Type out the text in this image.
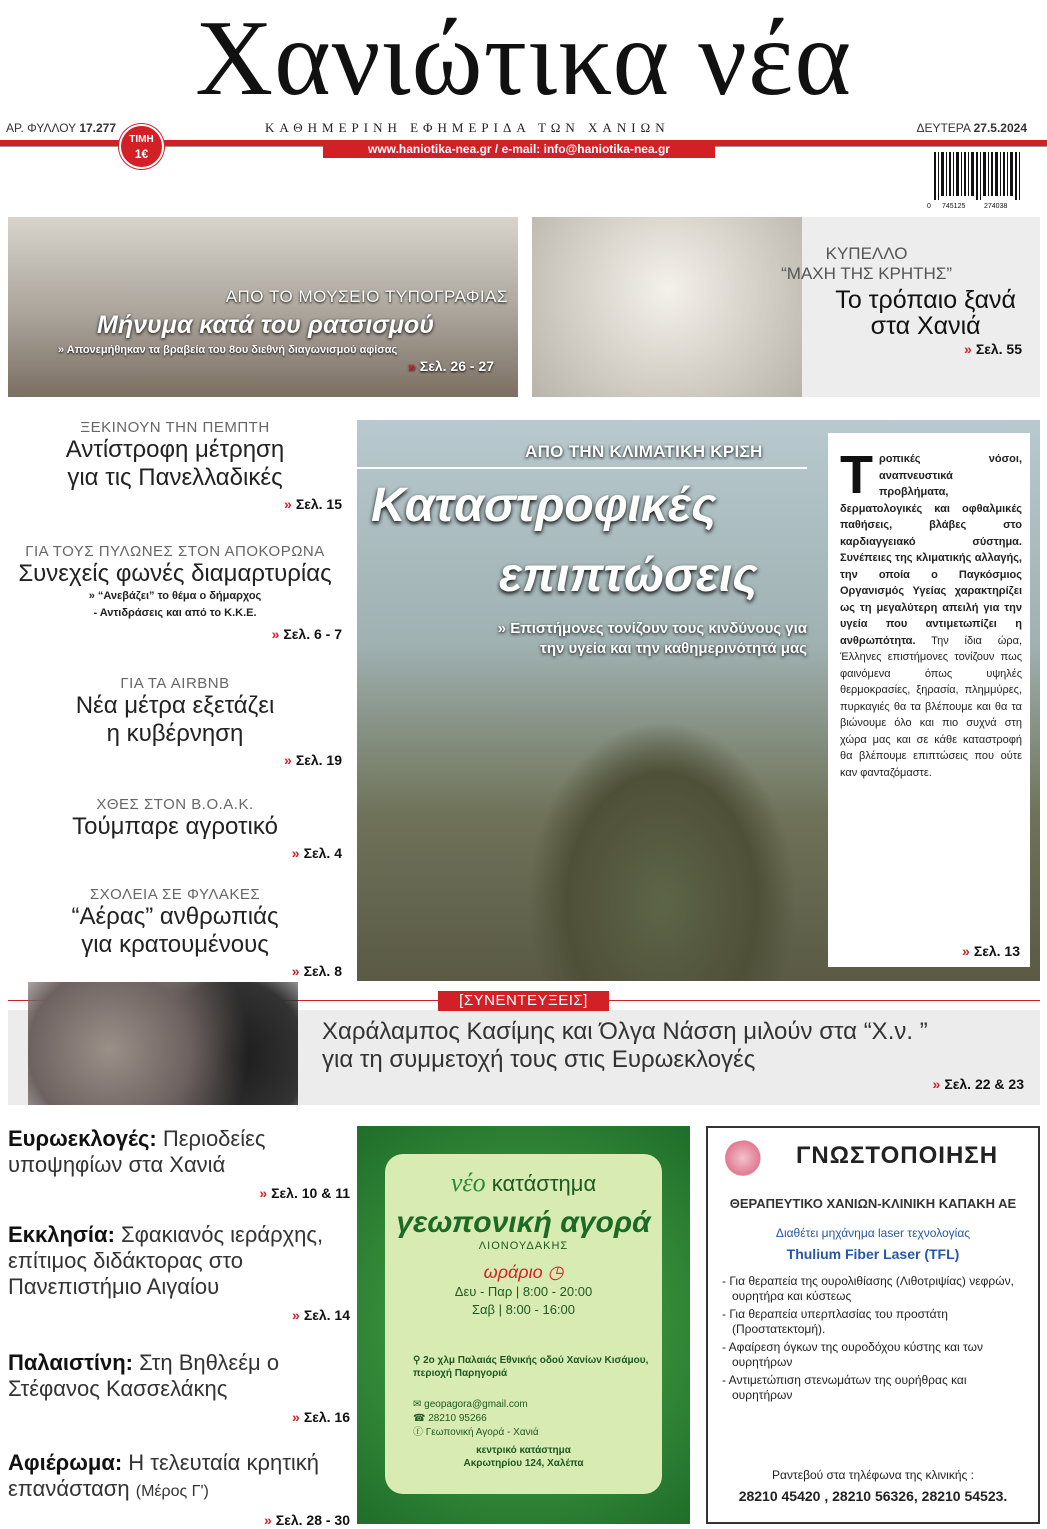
Χανιώτικα νέα
ΑΡ. ΦΥΛΛΟΥ 17.277	ΚΑΘΗΜΕΡΙΝΗ ΕΦΗΜΕΡΙΔΑ ΤΩΝ ΧΑΝΙΩΝ	ΔΕΥΤΕΡΑ 27.5.2024
www.haniotika-nea.gr / e-mail: info@haniotika-nea.gr
ΤΙΜΗ
1€
0 745125	274038
ΑΠΟ ΤΟ ΜΟΥΣΕΙΟ ΤΥΠΟΓΡΑΦΙΑΣ
Μήνυμα κατά του ρατσισμού
» Απονεμήθηκαν τα βραβεία του 8ου διεθνή διαγωνισμού αφίσας
» Σελ. 26 - 27
ΚΥΠΕΛΛΟ
“ΜΑΧΗ ΤΗΣ ΚΡΗΤΗΣ”
Το τρόπαιο ξανά
στα Χανιά
» Σελ. 55
ΞΕΚΙΝΟΥΝ ΤΗΝ ΠΕΜΠΤΗ
Αντίστροφη μέτρηση
για τις Πανελλαδικές
» Σελ. 15
ΓΙΑ ΤΟΥΣ ΠΥΛΩΝΕΣ ΣΤΟΝ ΑΠΟΚΟΡΩΝΑ
Συνεχείς φωνές διαμαρτυρίας
» “Ανεβάζει” το θέμα ο δήμαρχος
- Αντιδράσεις και από το Κ.Κ.Ε.
» Σελ. 6 - 7
ΓΙΑ ΤΑ AIRBNB
Νέα μέτρα εξετάζει
η κυβέρνηση
» Σελ. 19
ΧΘΕΣ ΣΤΟΝ Β.Ο.Α.Κ.
Τούμπαρε αγροτικό
» Σελ. 4
ΣΧΟΛΕΙΑ ΣΕ ΦΥΛΑΚΕΣ
“Αέρας” ανθρωπιάς
για κρατουμένους
» Σελ. 8
ΑΠΟ ΤΗΝ ΚΛΙΜΑΤΙΚΗ ΚΡΙΣΗ
Καταστροφικές
επιπτώσεις
» Επιστήμονες τονίζουν τους κινδύνους για την υγεία και την καθημερινότητά μας
Τ ροπικές νόσοι, αναπνευστικά προβλήματα, δερματολογικές και οφθαλμικές παθήσεις, βλάβες στο καρδιαγγειακό σύστημα. Συνέπειες της κλιματικής αλλαγής, την οποία ο Παγκόσμιος Οργανισμός Υγείας χαρακτηρίζει ως τη μεγαλύτερη απειλή για την υγεία που αντιμετωπίζει η ανθρωπότητα. Την ίδια ώρα, Έλληνες επιστήμονες τονίζουν πως φαινόμενα όπως υψηλές θερμοκρασίες, ξηρασία, πλημμύρες, πυρκαγιές θα τα βλέπουμε και θα τα βιώνουμε όλο και πιο συχνά στη χώρα μας και σε κάθε καταστροφή θα βλέπουμε επιπτώσεις που ούτε καν φανταζόμαστε.
» Σελ. 13
Χαράλαμπος Κασίμης και Όλγα Νάσση μιλούν στα “Χ.ν. ”
για τη συμμετοχή τους στις Ευρωεκλογές
» Σελ. 22 & 23
[ΣΥΝΕΝΤΕΥΞΕΙΣ]
Ευρωεκλογές: Περιοδείες υποψηφίων στα Χανιά
» Σελ. 10 & 11
Εκκλησία: Σφακιανός ιεράρχης, επίτιμος διδάκτορας στο Πανεπιστήμιο Αιγαίου
» Σελ. 14
Παλαιστίνη: Στη Βηθλεέμ ο Στέφανος Κασσελάκης
» Σελ. 16
Αφιέρωμα: Η τελευταία κρητική επανάσταση (Μέρος Γ')
» Σελ. 28 - 30
νέο κατάστημα
γεωπονική αγορά
ΛΙΟΝΟΥΔΑΚΗΣ
ωράριο ◷
Δευ - Παρ | 8:00 - 20:00
Σαβ | 8:00 - 16:00
⚲ 2ο χλμ Παλαιάς Εθνικής οδού Χανίων Κισάμου, περιοχή Παρηγοριά
✉ geopagora@gmail.com
☎ 28210 95266
ⓕ Γεωπονική Αγορά - Χανιά
κεντρικό κατάστημα
Ακρωτηρίου 124, Χαλέπα
ΓΝΩΣΤΟΠΟΙΗΣΗ
ΘΕΡΑΠΕΥΤΙΚΟ ΧΑΝΙΩΝ-ΚΛΙΝΙΚΗ ΚΑΠΑΚΗ ΑΕ
Διαθέτει μηχάνημα laser τεχνολογίας
Thulium Fiber Laser (TFL)
- Για θεραπεία της ουρολιθίασης (Λιθοτριψίας) νεφρών, ουρητήρα και κύστεως
- Για θεραπεία υπερπλασίας του προστάτη (Προστατεκτομή).
- Αφαίρεση όγκων της ουροδόχου κύστης και των ουρητήρων
- Αντιμετώπιση στενωμάτων της ουρήθρας και ουρητήρων
Ραντεβού στα τηλέφωνα της κλινικής :
28210 45420 , 28210 56326, 28210 54523.
